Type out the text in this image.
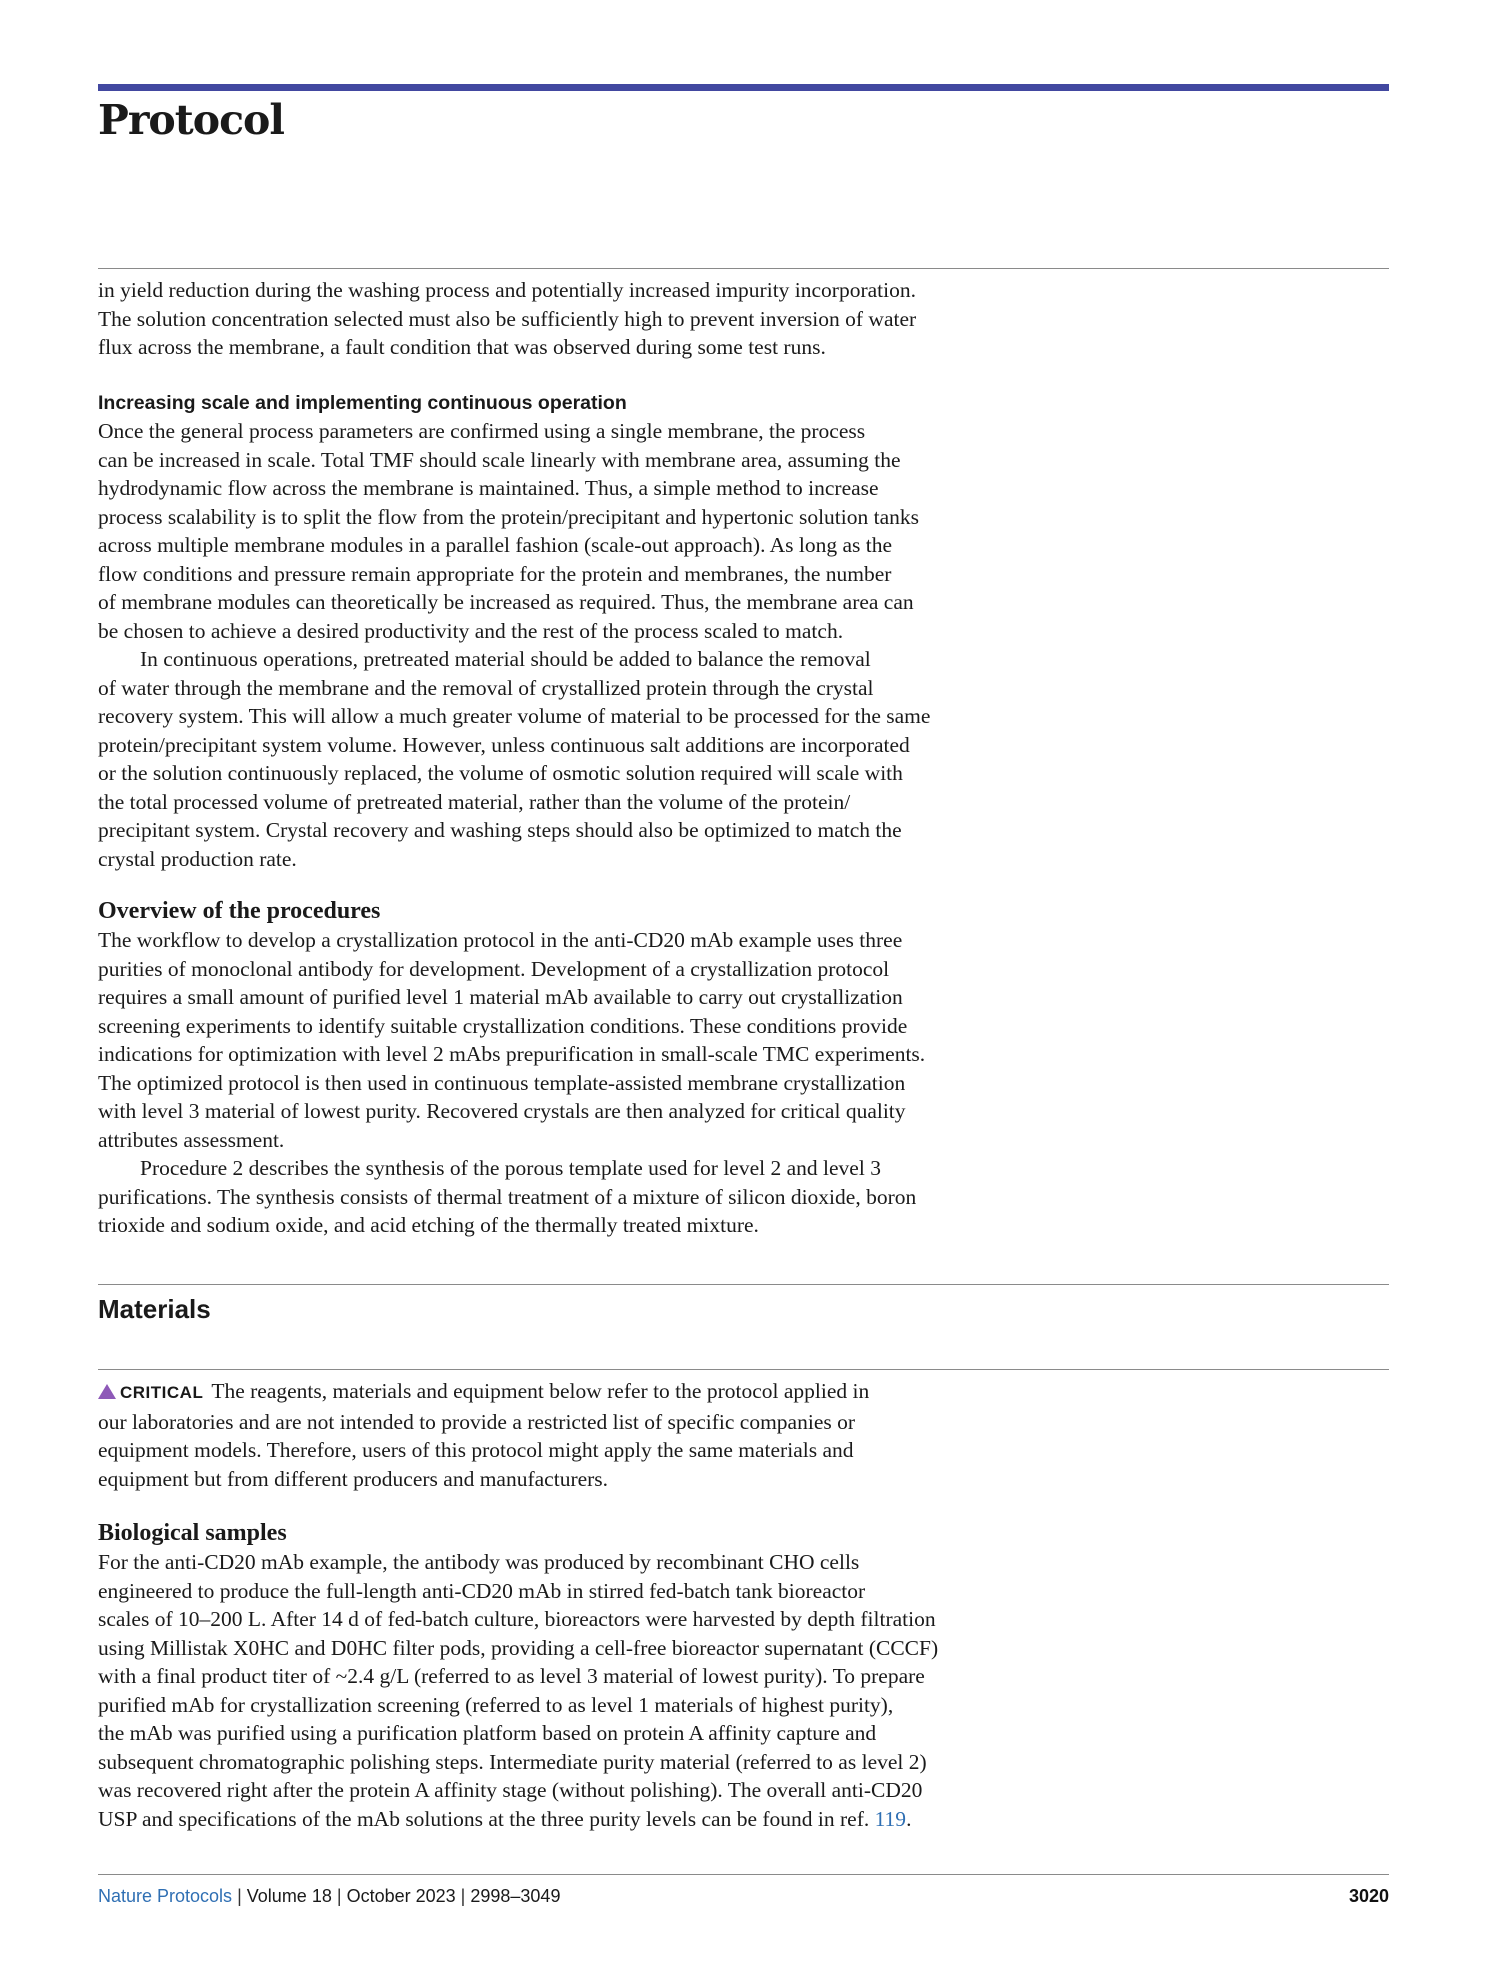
Protocol

in yield reduction during the washing process and potentially increased impurity incorporation.

The solution concentration selected must also be sufficiently high to prevent inversion of water

flux across the membrane, a fault condition that was observed during some test runs.

Increasing scale and implementing continuous operation

Once the general process parameters are confirmed using a single membrane, the process

can be increased in scale. Total TMF should scale linearly with membrane area, assuming the

hydrodynamic flow across the membrane is maintained. Thus, a simple method to increase

process scalability is to split the flow from the protein/precipitant and hypertonic solution tanks

across multiple membrane modules in a parallel fashion (scale-out approach). As long as the

flow conditions and pressure remain appropriate for the protein and membranes, the number

of membrane modules can theoretically be increased as required. Thus, the membrane area can

be chosen to achieve a desired productivity and the rest of the process scaled to match.

In continuous operations, pretreated material should be added to balance the removal

of water through the membrane and the removal of crystallized protein through the crystal

recovery system. This will allow a much greater volume of material to be processed for the same

protein/precipitant system volume. However, unless continuous salt additions are incorporated

or the solution continuously replaced, the volume of osmotic solution required will scale with

the total processed volume of pretreated material, rather than the volume of the protein/

precipitant system. Crystal recovery and washing steps should also be optimized to match the

crystal production rate.

Overview of the procedures

The workflow to develop a crystallization protocol in the anti-CD20 mAb example uses three

purities of monoclonal antibody for development. Development of a crystallization protocol

requires a small amount of purified level 1 material mAb available to carry out crystallization

screening experiments to identify suitable crystallization conditions. These conditions provide

indications for optimization with level 2 mAbs prepurification in small-scale TMC experiments.

The optimized protocol is then used in continuous template-assisted membrane crystallization

with level 3 material of lowest purity. Recovered crystals are then analyzed for critical quality

attributes assessment.

Procedure 2 describes the synthesis of the porous template used for level 2 and level 3

purifications. The synthesis consists of thermal treatment of a mixture of silicon dioxide, boron

trioxide and sodium oxide, and acid etching of the thermally treated mixture.

Materials

CRITICAL The reagents, materials and equipment below refer to the protocol applied in

our laboratories and are not intended to provide a restricted list of specific companies or

equipment models. Therefore, users of this protocol might apply the same materials and

equipment but from different producers and manufacturers.

Biological samples

For the anti-CD20 mAb example, the antibody was produced by recombinant CHO cells

engineered to produce the full-length anti-CD20 mAb in stirred fed-batch tank bioreactor

scales of 10–200 L. After 14 d of fed-batch culture, bioreactors were harvested by depth filtration

using Millistak X0HC and D0HC filter pods, providing a cell-free bioreactor supernatant (CCCF)

with a final product titer of ~2.4 g/L (referred to as level 3 material of lowest purity). To prepare

purified mAb for crystallization screening (referred to as level 1 materials of highest purity),

the mAb was purified using a purification platform based on protein A affinity capture and

subsequent chromatographic polishing steps. Intermediate purity material (referred to as level 2)

was recovered right after the protein A affinity stage (without polishing). The overall anti-CD20

USP and specifications of the mAb solutions at the three purity levels can be found in ref. 119.

Nature Protocols | Volume 18 | October 2023 | 2998–3049	3020
